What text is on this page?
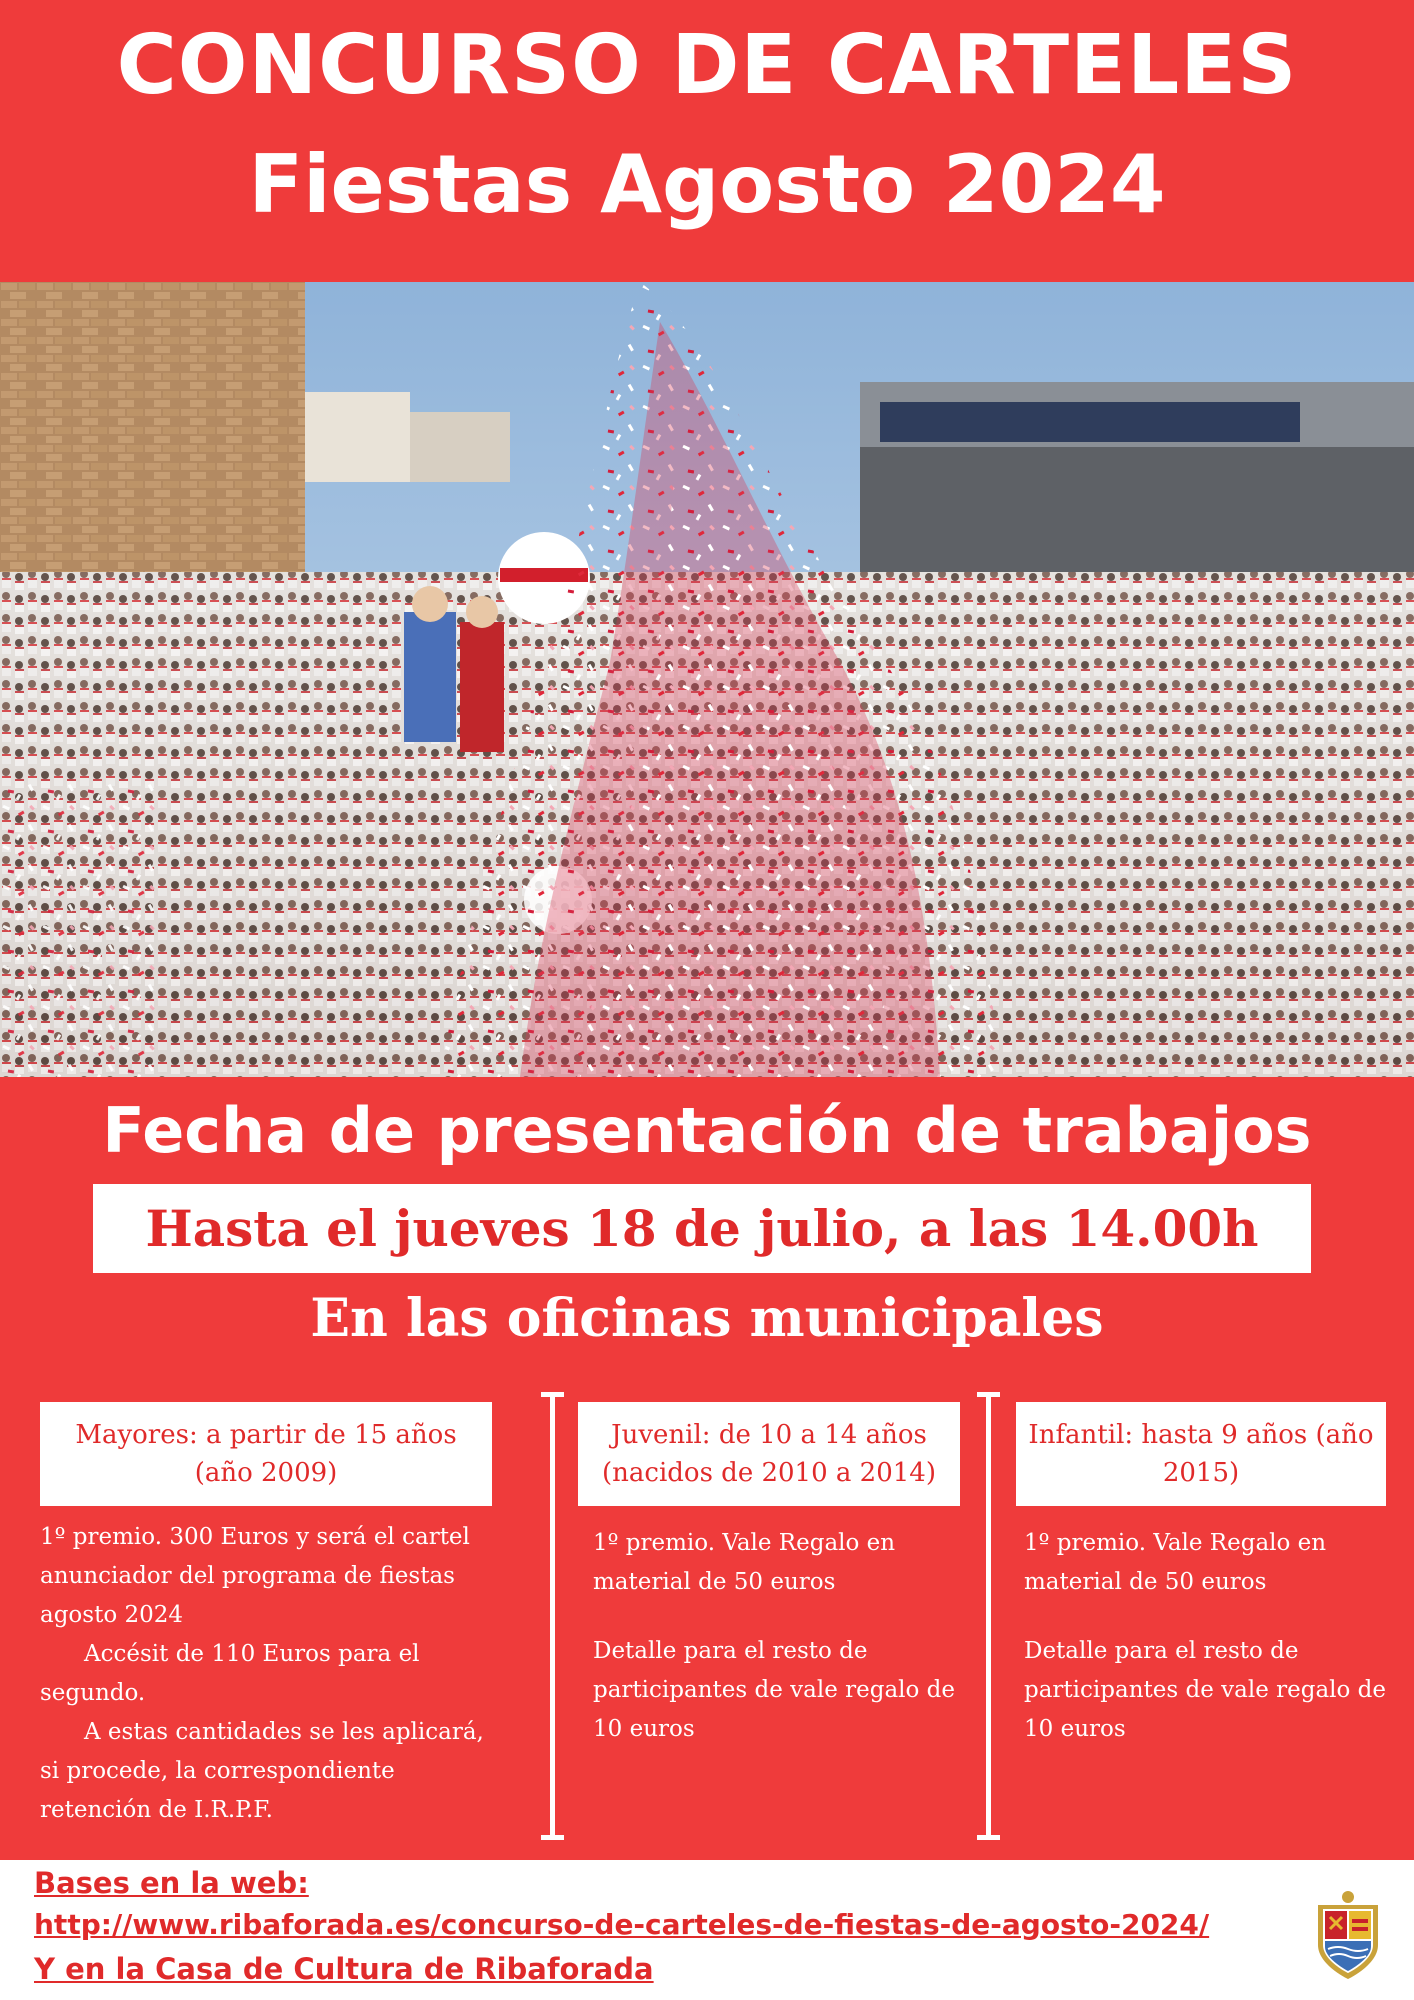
CONCURSO DE CARTELES
Fiestas Agosto 2024
Fecha de presentación de trabajos
Hasta el jueves 18 de julio, a las 14.00h
En las oficinas municipales
Mayores: a partir de 15 años (año 2009)

1º premio. 300 Euros y será el cartel anunciador del programa de fiestas agosto 2024

Accésit de 110 Euros para el segundo.

A estas cantidades se les aplicará, si procede, la correspondiente retención de I.R.P.F.

Juvenil: de 10 a 14 años (nacidos de 2010 a 2014)

1º premio. Vale Regalo en material de 50 euros

Detalle para el resto de participantes de vale regalo de 10 euros

Infantil: hasta 9 años (año 2015)

1º premio. Vale Regalo en material de 50 euros

Detalle para el resto de participantes de vale regalo de 10 euros

Bases en la web:
http://www.ribaforada.es/concurso-de-carteles-de-fiestas-de-agosto-2024/
Y en la Casa de Cultura de Ribaforada
